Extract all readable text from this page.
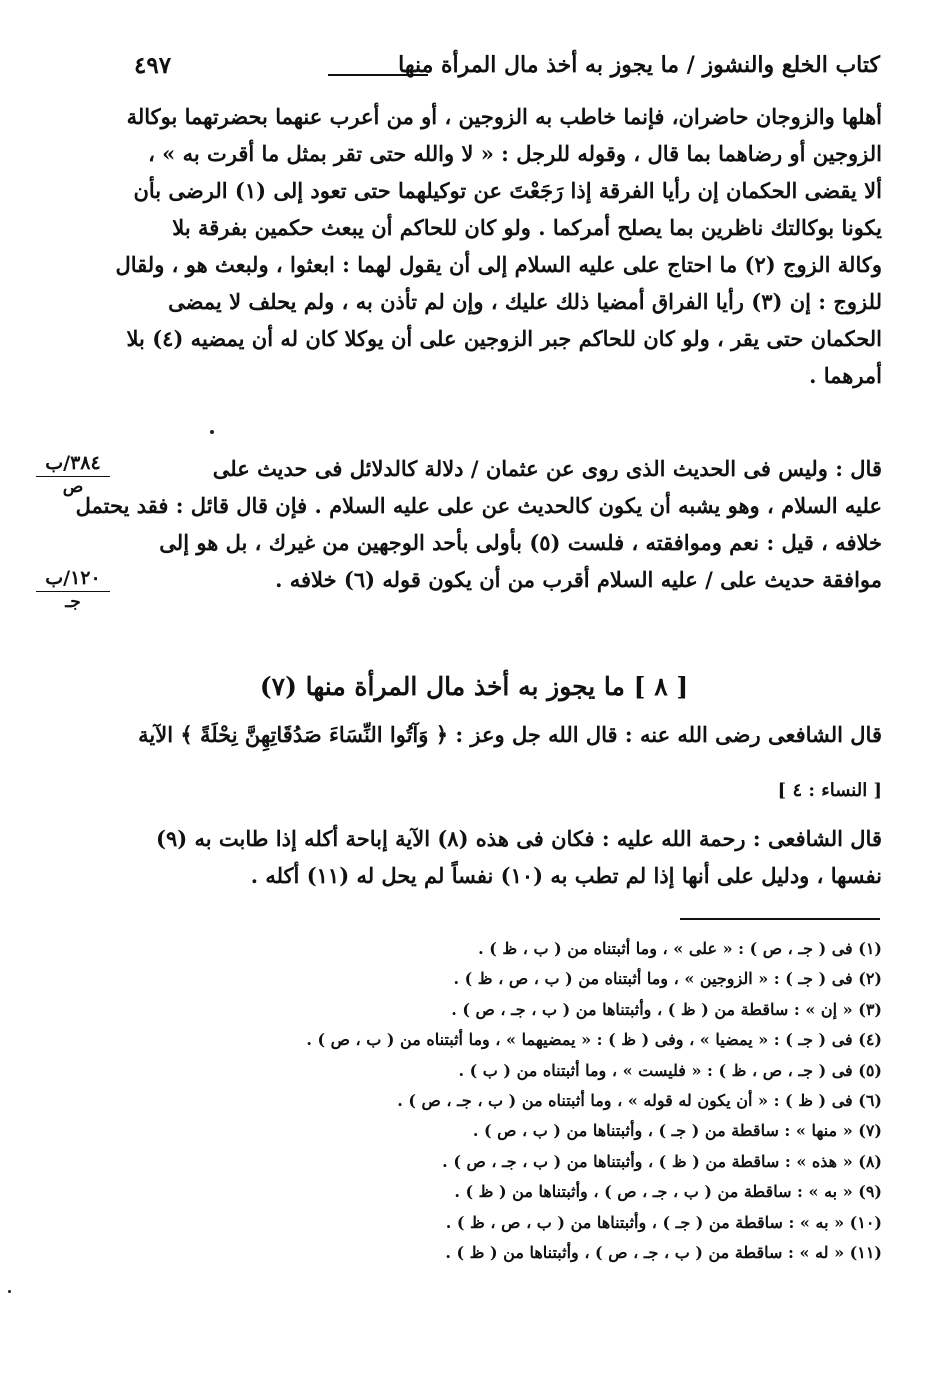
كتاب الخلع والنشوز / ما يجوز به أخذ مال المرأة منها
٤٩٧
أهلها والزوجان حاضران، فإنما خاطب به الزوجين ، أو من أعرب عنهما بحضرتهما بوكالة
الزوجين أو رضاهما بما قال ، وقوله للرجل : « لا والله حتى تقر بمثل ما أقرت به » ،
ألا يقضى الحكمان إن رأيا الفرقة إذا رَجَعْتَ عن توكيلهما حتى تعود إلى (١) الرضى بأن
يكونا بوكالتك ناظرين بما يصلح أمركما . ولو كان للحاكم أن يبعث حكمين بفرقة بلا
وكالة الزوج (٢) ما احتاج على عليه السلام إلى أن يقول لهما : ابعثوا ، ولبعث هو ، ولقال
للزوج : إن (٣) رأيا الفراق أمضيا ذلك عليك ، وإن لم تأذن به ، ولم يحلف لا يمضى
الحكمان حتى يقر ، ولو كان للحاكم جبر الزوجين على أن يوكلا كان له أن يمضيه (٤) بلا
أمرهما .
قال : وليس فى الحديث الذى روى عن عثمان / دلالة كالدلائل فى حديث على
عليه السلام ، وهو يشبه أن يكون كالحديث عن على عليه السلام . فإن قال قائل : فقد يحتمل
خلافه ، قيل : نعم وموافقته ، فلست (٥) بأولى بأحد الوجهين من غيرك ، بل هو إلى
موافقة حديث على / عليه السلام أقرب من أن يكون قوله (٦) خلافه .
٣٨٤/ب
ص
١٢٠/ب
جـ
[ ٨ ] ما يجوز به أخذ مال المرأة منها (٧)
قال الشافعى رضى الله عنه : قال الله جل وعز : ﴿ وَآتُوا النِّسَاءَ صَدُقَاتِهِنَّ نِحْلَةً ﴾ الآية
[ النساء : ٤ ]
قال الشافعى : رحمة الله عليه : فكان فى هذه (٨) الآية إباحة أكله إذا طابت به (٩)
نفسها ، ودليل على أنها إذا لم تطب به (١٠) نفساً لم يحل له (١١) أكله .
(١) فى ( جـ ، ص ) : « على » ، وما أثبتناه من ( ب ، ظ ) .
(٢) فى ( جـ ) : « الزوجين » ، وما أثبتناه من ( ب ، ص ، ظ ) .
(٣) « إن » : ساقطة من ( ظ ) ، وأثبتناها من ( ب ، جـ ، ص ) .
(٤) فى ( جـ ) : « يمضيا » ، وفى ( ظ ) : « يمضيهما » ، وما أثبتناه من ( ب ، ص ) .
(٥) فى ( جـ ، ص ، ظ ) : « فليست » ، وما أثبتناه من ( ب ) .
(٦) فى ( ظ ) : « أن يكون له قوله » ، وما أثبتناه من ( ب ، جـ ، ص ) .
(٧) « منها » : ساقطة من ( جـ ) ، وأثبتناها من ( ب ، ص ) .
(٨) « هذه » : ساقطة من ( ظ ) ، وأثبتناها من ( ب ، جـ ، ص ) .
(٩) « به » : ساقطة من ( ب ، جـ ، ص ) ، وأثبتناها من ( ظ ) .
(١٠) « به » : ساقطة من ( جـ ) ، وأثبتناها من ( ب ، ص ، ظ ) .
(١١) « له » : ساقطة من ( ب ، جـ ، ص ) ، وأثبتناها من ( ظ ) .
